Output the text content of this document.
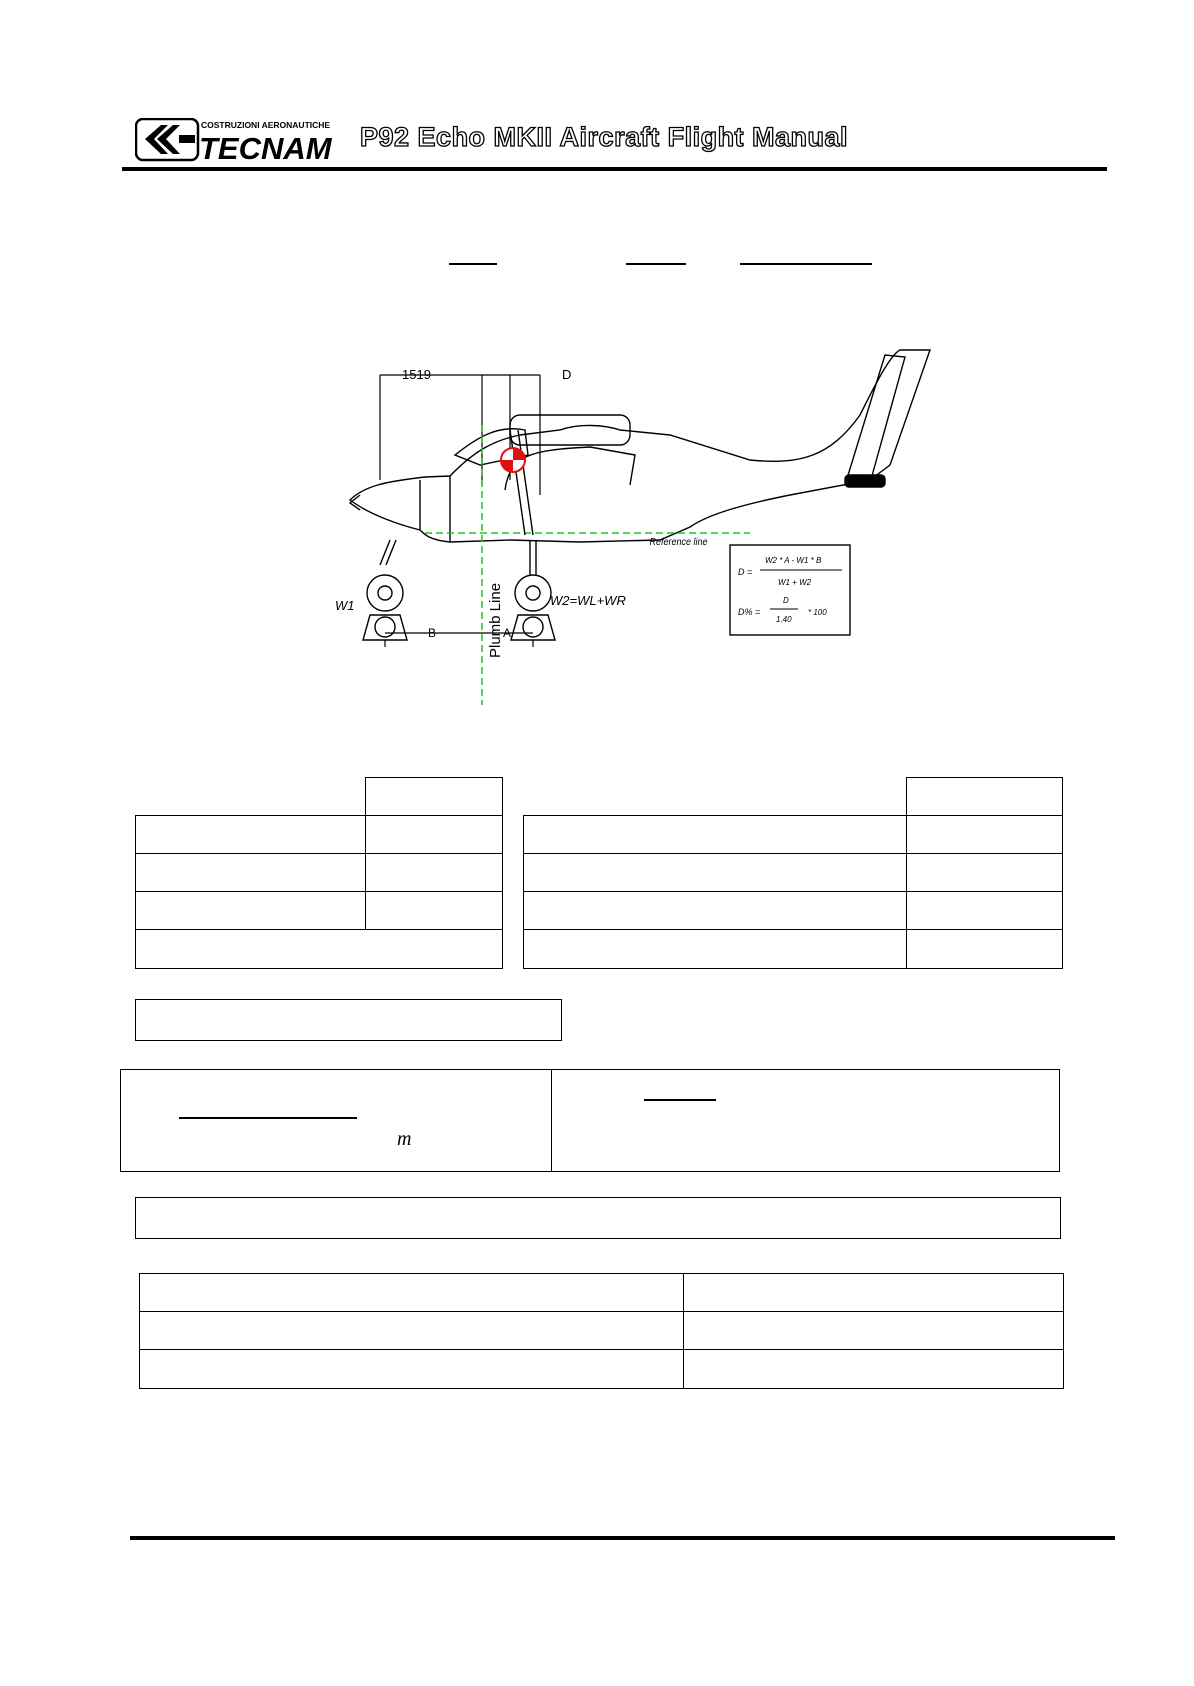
COSTRUZIONI AERONAUTICHE
TECNAM P92 Echo MKII Aircraft Flight Manual
1519	D
Reference line
Plumb Line
W1	W2=WL+WR
B	A
D =
W2 * A - W1 * B
W1 + W2
D% =
D
1.40
* 100
m
